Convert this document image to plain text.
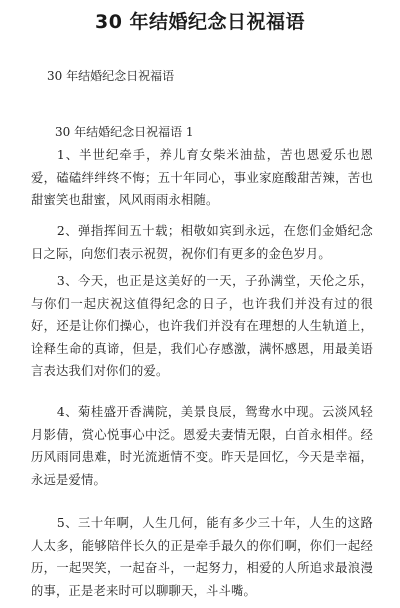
30 年结婚纪念日祝福语
30 年结婚纪念日祝福语
30 年结婚纪念日祝福语 1
1、半世纪牵手，养儿育女柴米油盐，苦也恩爱乐也恩爱，磕磕绊绊终不悔；五十年同心，事业家庭酸甜苦辣，苦也甜蜜笑也甜蜜，风风雨雨永相随。
2、弹指挥间五十载；相敬如宾到永远，在您们金婚纪念日之际，向您们表示祝贺，祝你们有更多的金色岁月。
3、今天，也正是这美好的一天，子孙满堂，天伦之乐，与你们一起庆祝这值得纪念的日子，也许我们并没有过的很好，还是让你们操心，也许我们并没有在理想的人生轨道上，诠释生命的真谛，但是，我们心存感激，满怀感恩，用最美语言表达我们对你们的爱。
4、菊桂盛开香满院，美景良辰，鸳鸯水中现。云淡风轻月影倩，赏心悦事心中泛。恩爱夫妻情无限，白首永相伴。经历风雨同患难，时光流逝情不变。昨天是回忆，今天是幸福，永远是爱情。
5、三十年啊，人生几何，能有多少三十年，人生的这路人太多，能够陪伴长久的正是牵手最久的你们啊，你们一起经历，一起哭笑，一起奋斗，一起努力，相爱的人所追求最浪漫的事，正是老来时可以聊聊天，斗斗嘴。
